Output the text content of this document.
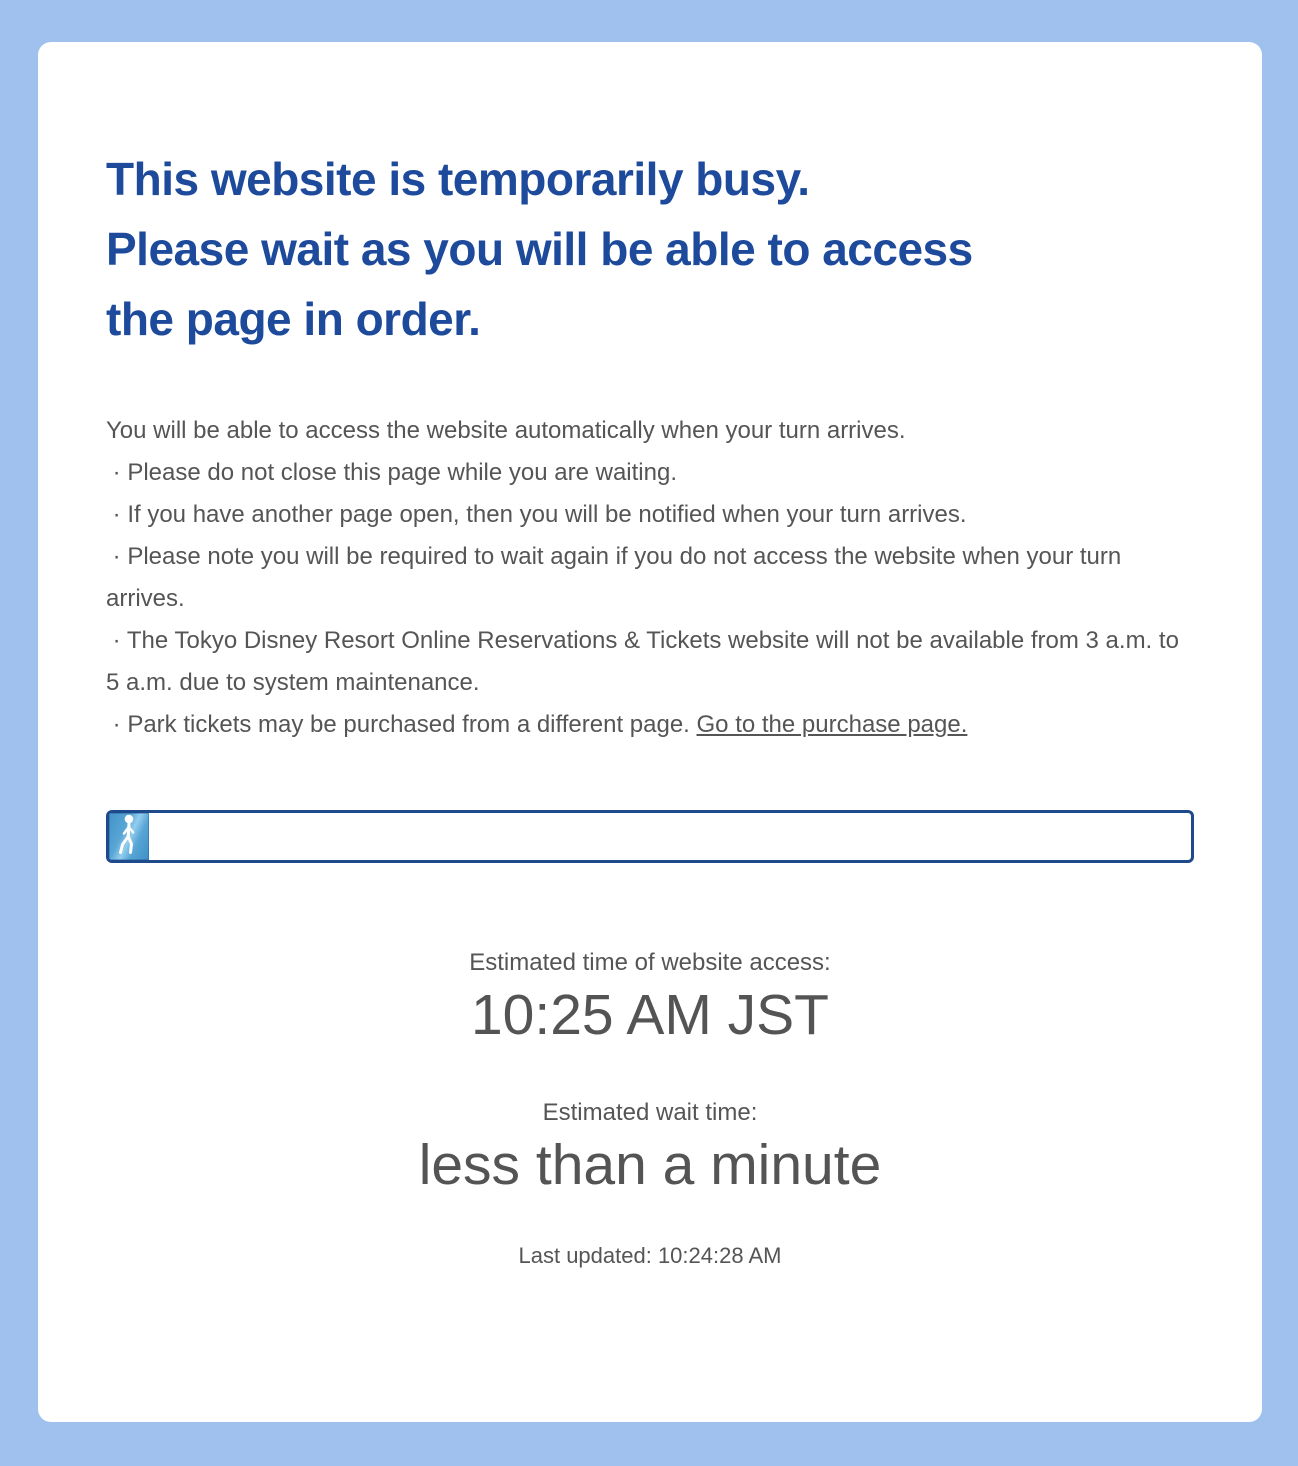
This website is temporarily busy.
Please wait as you will be able to access
the page in order.

You will be able to access the website automatically when your turn arrives.

· Please do not close this page while you are waiting.

· If you have another page open, then you will be notified when your turn arrives.

· Please note you will be required to wait again if you do not access the website when your turn arrives.

· The Tokyo Disney Resort Online Reservations & Tickets website will not be available from 3 a.m. to 5 a.m. due to system maintenance.

· Park tickets may be purchased from a different page. Go to the purchase page.

Estimated time of website access:
10:25 AM JST
Estimated wait time:
less than a minute
Last updated: 10:24:28 AM
